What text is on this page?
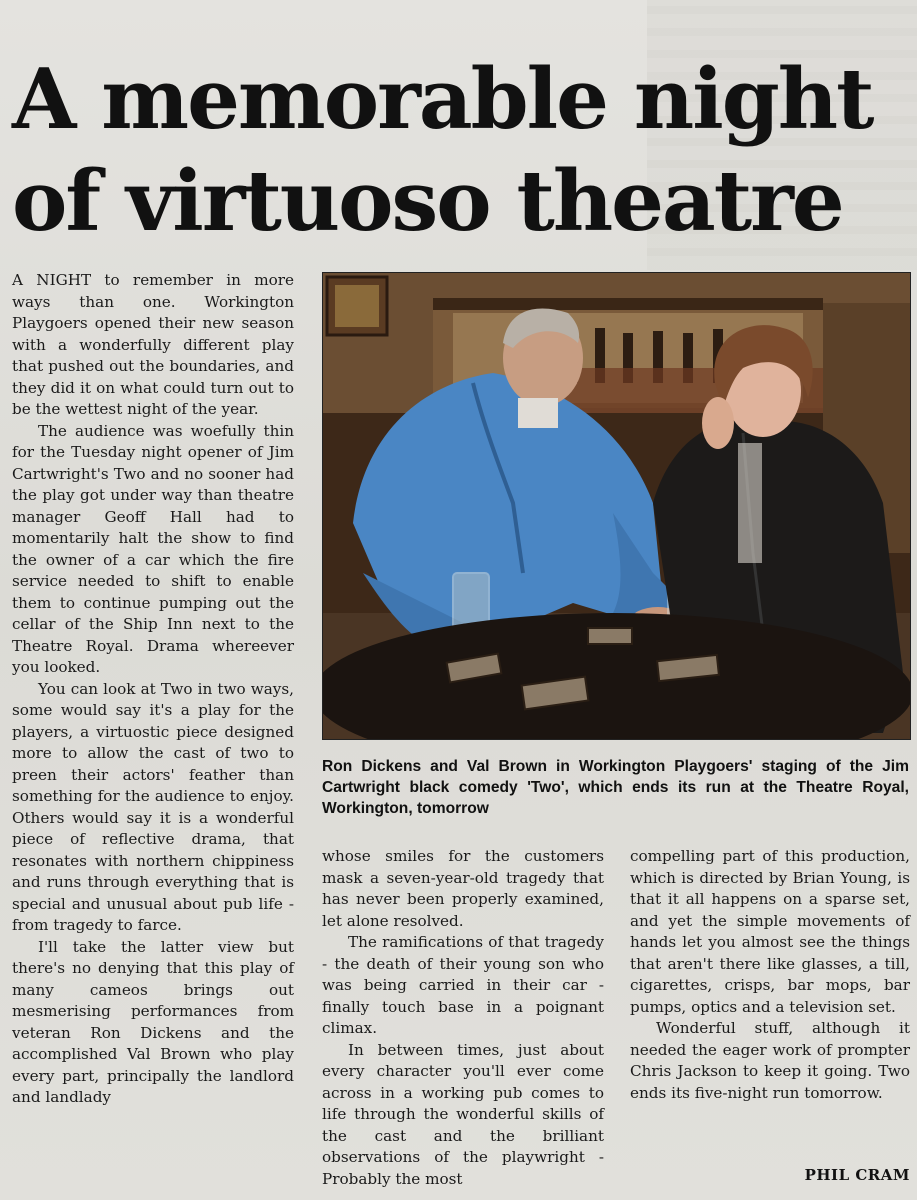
A memorable night
of virtuoso theatre

A NIGHT to remember in more ways than one. Workington Playgoers opened their new season with a wonderfully different play that pushed out the boundaries, and they did it on what could turn out to be the wettest night of the year.

The audience was woefully thin for the Tuesday night opener of Jim Cartwright's Two and no sooner had the play got under way than theatre manager Geoff Hall had to momentarily halt the show to find the owner of a car which the fire service needed to shift to enable them to continue pumping out the cellar of the Ship Inn next to the Theatre Royal. Drama whereever you looked.

You can look at Two in two ways, some would say it's a play for the players, a virtuostic piece designed more to allow the cast of two to preen their actors' feather than something for the audience to enjoy. Others would say it is a wonderful piece of reflective drama, that resonates with northern chippiness and runs through everything that is special and unusual about pub life - from tragedy to farce.

I'll take the latter view but there's no denying that this play of many cameos brings out mesmerising performances from veteran Ron Dickens and the accomplished Val Brown who play every part, principally the landlord and landlady

Ron Dickens and Val Brown in Workington Playgoers' staging of the Jim Cartwright black comedy 'Two', which ends its run at the Theatre Royal, Workington, tomorrow

whose smiles for the customers mask a seven-year-old tragedy that has never been properly examined, let alone resolved.

The ramifications of that tragedy - the death of their young son who was being carried in their car - finally touch base in a poignant climax.

In between times, just about every character you'll ever come across in a working pub comes to life through the wonderful skills of the cast and the brilliant observations of the playwright -Probably the most

compelling part of this production, which is directed by Brian Young, is that it all happens on a sparse set, and yet the simple movements of hands let you almost see the things that aren't there like glasses, a till, cigarettes, crisps, bar mops, bar pumps, optics and a television set.

Wonderful stuff, although it needed the eager work of prompter Chris Jackson to keep it going. Two ends its five-night run tomorrow.

PHIL CRAM
